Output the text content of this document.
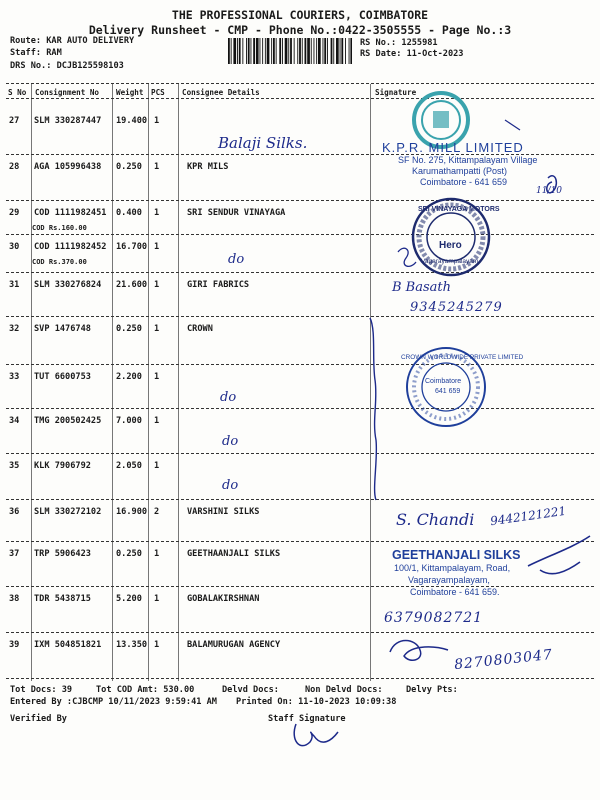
THE PROFESSIONAL COURIERS, COIMBATORE
Delivery Runsheet - CMP - Phone No.:0422-3505555 - Page No.:3
Route: KAR AUTO DELIVERY
Staff: RAM
DRS No.: DCJB125598103
RS No.: 1255981
RS Date: 11-Oct-2023
S No Consignment No Weight PCS Consignee Details	Signature
27 SLM 330287447 19.400 1
28 AGA 105996438 0.250 1	KPR MILS
29 COD 1111982451 0.400 1	SRI SENDUR VINAYAGA
COD Rs.160.00
30 COD 1111982452 16.700 1
COD Rs.370.00
31 SLM 330276824 21.600 1	GIRI FABRICS
32 SVP 1476748	0.250 1	CROWN
33 TUT 6600753	2.200 1
34 TMG 200502425 7.000 1
35 KLK 7906792	2.050 1
36 SLM 330272102 16.900 2	VARSHINI SILKS
37 TRP 5906423	0.250 1	GEETHAANJALI SILKS
38 TDR 5438715	5.200 1	GOBALAKIRSHNAN
39 IXM 504851821 13.350 1	BALAMURUGAN AGENCY
Tot Docs: 39	Tot COD Amt: 530.00	Delvd Docs:	Non Delvd Docs:	Delvy Pts:
Entered By :CJBCMP 10/11/2023 9:59:41 AM Printed On: 11-10-2023 10:09:38
Verified By	Staff Signature
K.P.R. MILL LIMITED
SF No. 275, Kittampalayam Village
Karumathampatti (Post)
Coimbatore - 641 659
SRI VINAYAGA MOTORS
Hero
Vagarayampalayam
CROWN WORLDWIDE PRIVATE LIMITED
Coimbatore
641 659
GEETHANJALI SILKS
100/1, Kittampalayam, Road,
Vagarayampalayam,
Coimbatore - 641 659.
Balaji Silks.
do
B Basath
9345245279
do
do
do
S. Chandi 9442121221
6379082721
8270803047
11/10
